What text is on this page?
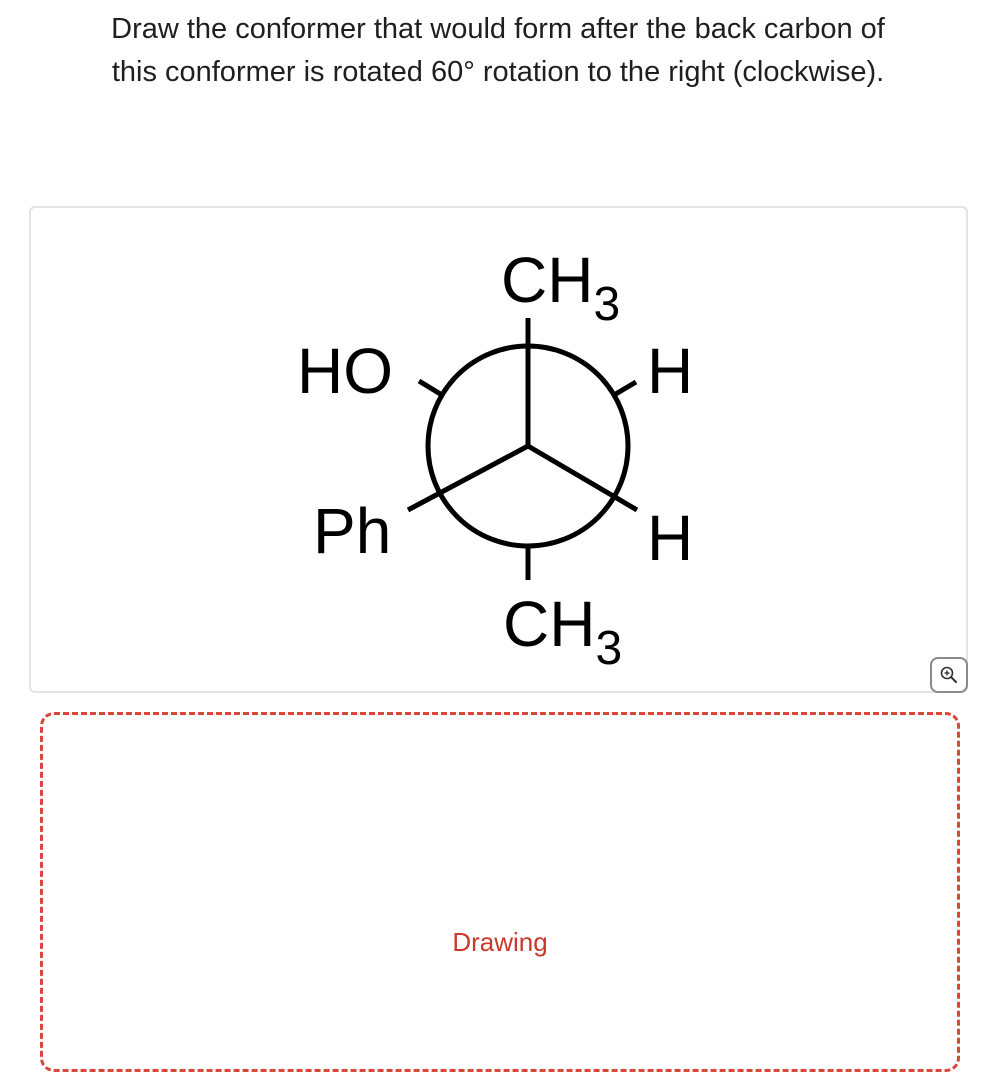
Draw the conformer that would form after the back carbon of
this conformer is rotated 60° rotation to the right (clockwise).
$CH_3$
HO	H
Ph	H
$CH_3$
Drawing
